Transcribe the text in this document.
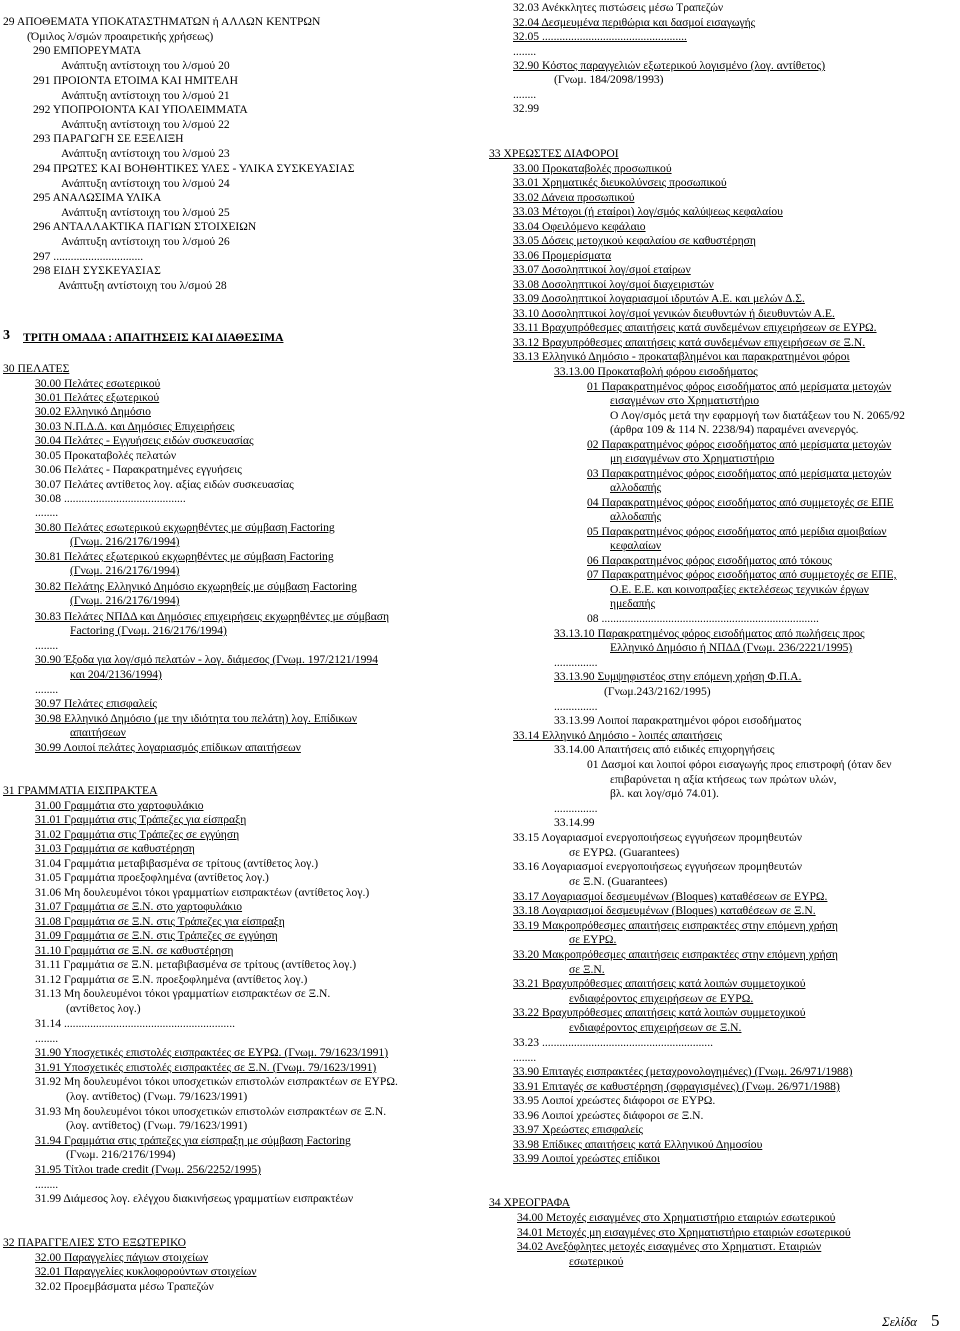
29 ΑΠΟΘΕΜΑΤΑ ΥΠΟΚΑΤΑΣΤΗΜΑΤΩΝ ή ΑΛΛΩΝ ΚΕΝΤΡΩΝ
(Όμιλος λ/σμών προαιρετικής χρήσεως)
290 ΕΜΠΟΡΕΥΜΑΤΑ
Ανάπτυξη αντίστοιχη του λ/σμού 20
291 ΠΡΟΙΟΝΤΑ ΕΤΟΙΜΑ ΚΑΙ ΗΜΙΤΕΛΗ
Ανάπτυξη αντίστοιχη του λ/σμού 21
292 ΥΠΟΠΡΟΙΟΝΤΑ ΚΑΙ ΥΠΟΛΕΙΜΜΑΤΑ
Ανάπτυξη αντίστοιχη του λ/σμού 22
293 ΠΑΡΑΓΩΓΗ ΣΕ ΕΞΕΛΙΞΗ
Ανάπτυξη αντίστοιχη του λ/σμού 23
294 ΠΡΩΤΕΣ ΚΑΙ ΒΟΗΘΗΤΙΚΕΣ ΥΛΕΣ - ΥΛΙΚΑ ΣΥΣΚΕΥΑΣΙΑΣ
Ανάπτυξη αντίστοιχη του λ/σμού 24
295 ΑΝΑΛΩΣΙΜΑ ΥΛΙΚΑ
Ανάπτυξη αντίστοιχη του λ/σμού 25
296 ΑΝΤΑΛΛΑΚΤΙΚΑ ΠΑΓΙΩΝ ΣΤΟΙΧΕΙΩΝ
Ανάπτυξη αντίστοιχη του λ/σμού 26
297 ...............................
298 ΕΙΔΗ ΣΥΣΚΕΥΑΣΙΑΣ
Ανάπτυξη αντίστοιχη του λ/σμού 28
3 ΤΡΙΤΗ ΟΜΑΔΑ : ΑΠΑΙΤΗΣΕΙΣ ΚΑΙ ΔΙΑΘΕΣΙΜΑ
30 ΠΕΛΑΤΕΣ
30.00 Πελάτες εσωτερικού
30.01 Πελάτες εξωτερικού
30.02 Ελληνικό Δημόσιο
30.03 Ν.Π.Δ.Δ. και Δημόσιες Επιχειρήσεις
30.04 Πελάτες - Εγγυήσεις ειδών συσκευασίας
30.05 Προκαταβολές πελατών
30.06 Πελάτες - Παρακρατημένες εγγυήσεις
30.07 Πελάτες αντίθετος λογ. αξίας ειδών συσκευασίας
30.08 ..........................................
........
30.80 Πελάτες εσωτερικού εκχωρηθέντες με σύμβαση Factoring
(Γνωμ. 216/2176/1994)
30.81 Πελάτες εξωτερικού εκχωρηθέντες με σύμβαση Factoring
(Γνωμ. 216/2176/1994)
30.82 Πελάτης Ελληνικό Δημόσιο εκχωρηθείς με σύμβαση Factoring
(Γνωμ. 216/2176/1994)
30.83 Πελάτες ΝΠΔΔ και Δημόσιες επιχειρήσεις εκχωρηθέντες με σύμβαση
Factoring (Γνωμ. 216/2176/1994)
........
30.90 Έξοδα για λογ/σμό πελατών - λογ. διάμεσος (Γνωμ. 197/2121/1994
και 204/2136/1994)
........
30.97 Πελάτες επισφαλείς
30.98 Ελληνικό Δημόσιο (με την ιδιότητα του πελάτη) λογ. Επίδικων
απαιτήσεων
30.99 Λοιποί πελάτες λογαριασμός επίδικων απαιτήσεων
31 ΓΡΑΜΜΑΤΙΑ ΕΙΣΠΡΑΚΤΕΑ
31.00 Γραμμάτια στο χαρτοφυλάκιο
31.01 Γραμμάτια στις Τράπεζες για είσπραξη
31.02 Γραμμάτια στις Τράπεζες σε εγγύηση
31.03 Γραμμάτια σε καθυστέρηση
31.04 Γραμμάτια μεταβιβασμένα σε τρίτους (αντίθετος λογ.)
31.05 Γραμμάτια προεξοφλημένα (αντίθετος λογ.)
31.06 Μη δουλευμένοι τόκοι γραμματίων εισπρακτέων (αντίθετος λογ.)
31.07 Γραμμάτια σε Ξ.Ν. στο χαρτοφυλάκιο
31.08 Γραμμάτια σε Ξ.Ν. στις Τράπεζες για είσπραξη
31.09 Γραμμάτια σε Ξ.Ν. στις Τράπεζες σε εγγύηση
31.10 Γραμμάτια σε Ξ.Ν. σε καθυστέρηση
31.11 Γραμμάτια σε Ξ.Ν. μεταβιβασμένα σε τρίτους (αντίθετος λογ.)
31.12 Γραμμάτια σε Ξ.Ν. προεξοφλημένα (αντίθετος λογ.)
31.13 Μη δουλευμένοι τόκοι γραμματίων εισπρακτέων σε Ξ.Ν.
(αντίθετος λογ.)
31.14 ...........................................................
........
31.90 Υποσχετικές επιστολές εισπρακτέες σε ΕΥΡΩ. (Γνωμ. 79/1623/1991)
31.91 Υποσχετικές επιστολές εισπρακτέες σε Ξ.Ν. (Γνωμ. 79/1623/1991)
31.92 Μη δουλευμένοι τόκοι υποσχετικών επιστολών εισπρακτέων σε ΕΥΡΩ.
(λογ. αντίθετος) (Γνωμ. 79/1623/1991)
31.93 Μη δουλευμένοι τόκοι υποσχετικών επιστολών εισπρακτέων σε Ξ.Ν.
(λογ. αντίθετος) (Γνωμ. 79/1623/1991)
31.94 Γραμμάτια στις τράπεζες για είσπραξη με σύμβαση Factoring
(Γνωμ. 216/2176/1994)
31.95 Τίτλοι trade credit (Γνωμ. 256/2252/1995)
........
31.99 Διάμεσος λογ. ελέγχου διακινήσεως γραμματίων εισπρακτέων
32 ΠΑΡΑΓΓΕΛΙΕΣ ΣΤΟ ΕΞΩΤΕΡΙΚΟ
32.00 Παραγγελίες πάγιων στοιχείων
32.01 Παραγγελίες κυκλοφορούντων στοιχείων
32.02 Προεμβάσματα μέσω Τραπεζών
32.03 Ανέκκλητες πιστώσεις μέσω Τραπεζών
32.04 Δεσμευμένα περιθώρια και δασμοί εισαγωγής
32.05 ..................................................
........
32.90 Κόστος παραγγελιών εξωτερικού λογισμένο (λογ. αντίθετος)
(Γνωμ. 184/2098/1993)
........
32.99
33 ΧΡΕΩΣΤΕΣ ΔΙΑΦΟΡΟΙ
33.00 Προκαταβολές προσωπικού
33.01 Χρηματικές διευκολύνσεις προσωπικού
33.02 Δάνεια προσωπικού
33.03 Μέτοχοι (ή εταίροι) λογ/σμός καλύψεως κεφαλαίου
33.04 Οφειλόμενο κεφάλαιο
33.05 Δόσεις μετοχικού κεφαλαίου σε καθυστέρηση
33.06 Προμερίσματα
33.07 Δοσοληπτικοί λογ/σμοί εταίρων
33.08 Δοσοληπτικοί λογ/σμοί διαχειριστών
33.09 Δοσοληπτικοί λογαριασμοί ιδρυτών Α.Ε. και μελών Δ.Σ.
33.10 Δοσοληπτικοί λογ/σμοί γενικών διευθυντών ή διευθυντών Α.Ε.
33.11 Βραχυπρόθεσμες απαιτήσεις κατά συνδεμένων επιχειρήσεων σε ΕΥΡΩ.
33.12 Βραχυπρόθεσμες απαιτήσεις κατά συνδεμένων επιχειρήσεων σε Ξ.Ν.
33.13 Ελληνικό Δημόσιο - προκαταβλημένοι και παρακρατημένοι φόροι
33.13.00 Προκαταβολή φόρου εισοδήματος
01 Παρακρατημένος φόρος εισοδήματος από μερίσματα μετοχών
εισαγμένων στο Χρηματιστήριο
Ο Λογ/σμός μετά την εφαρμογή των διατάξεων του Ν. 2065/92
(άρθρα 109 & 114 Ν. 2238/94) παραμένει ανενεργός.
02 Παρακρατημένος φόρος εισοδήματος από μερίσματα μετοχών
μη εισαγμένων στο Χρηματιστήριο
03 Παρακρατημένος φόρος εισοδήματος από μερίσματα μετοχών
αλλοδαπής
04 Παρακρατημένος φόρος εισοδήματος από συμμετοχές σε ΕΠΕ
αλλοδαπής
05 Παρακρατημένος φόρος εισοδήματος από μερίδια αμοιβαίων
κεφαλαίων
06 Παρακρατημένος φόρος εισοδήματος από τόκους
07 Παρακρατημένος φόρος εισοδήματος από συμμετοχές σε ΕΠΕ,
Ο.Ε. Ε.Ε. και κοινοπραξίες εκτελέσεως τεχνικών έργων
ημεδαπής
08 ...........................................................................
33.13.10 Παρακρατημένος φόρος εισοδήματος από πωλήσεις προς
Ελληνικό Δημόσιο ή ΝΠΔΔ (Γνωμ. 236/2221/1995)
...............
33.13.90 Συμψηφιστέος στην επόμενη χρήση Φ.Π.Α.
(Γνωμ.243/2162/1995)
...............
33.13.99 Λοιποί παρακρατημένοι φόροι εισοδήματος
33.14 Ελληνικό Δημόσιο - λοιπές απαιτήσεις
33.14.00 Απαιτήσεις από ειδικές επιχορηγήσεις
01 Δασμοί και λοιποί φόροι εισαγωγής προς επιστροφή (όταν δεν
επιβαρύνεται η αξία κτήσεως των πρώτων υλών,
βλ. και λογ/σμό 74.01).
...............
33.14.99
33.15 Λογαριασμοί ενεργοποιήσεως εγγυήσεων προμηθευτών
σε ΕΥΡΩ. (Guarantees)
33.16 Λογαριασμοί ενεργοποιήσεως εγγυήσεων προμηθευτών
σε Ξ.Ν. (Guarantees)
33.17 Λογαριασμοί δεσμευμένων (Bloques) καταθέσεων σε ΕΥΡΩ.
33.18 Λογαριασμοί δεσμευμένων (Bloques) καταθέσεων σε Ξ.Ν.
33.19 Μακροπρόθεσμες απαιτήσεις εισπρακτέες στην επόμενη χρήση
σε ΕΥΡΩ.
33.20 Μακροπρόθεσμες απαιτήσεις εισπρακτέες στην επόμενη χρήση
σε Ξ.Ν.
33.21 Βραχυπρόθεσμες απαιτήσεις κατά λοιπών συμμετοχικού
ενδιαφέροντος επιχειρήσεων σε ΕΥΡΩ.
33.22 Βραχυπρόθεσμες απαιτήσεις κατά λοιπών συμμετοχικού
ενδιαφέροντος επιχειρήσεων σε Ξ.Ν.
33.23 ...........................................................
........
33.90 Επιταγές εισπρακτέες (μεταχρονολογημένες) (Γνωμ. 26/971/1988)
33.91 Επιταγές σε καθυστέρηση (σφραγισμένες) (Γνωμ. 26/971/1988)
33.95 Λοιποί χρεώστες διάφοροι σε ΕΥΡΩ.
33.96 Λοιποί χρεώστες διάφοροι σε Ξ.Ν.
33.97 Χρεώστες επισφαλείς
33.98 Επίδικες απαιτήσεις κατά Ελληνικού Δημοσίου
33.99 Λοιποί χρεώστες επίδικοι
34 ΧΡΕΟΓΡΑΦΑ
34.00 Μετοχές εισαγμένες στο Χρηματιστήριο εταιριών εσωτερικού
34.01 Μετοχές μη εισαγμένες στο Χρηματιστήριο εταιριών εσωτερικού
34.02 Ανεξόφλητες μετοχές εισαγμένες στο Χρηματιστ. Εταιριών
εσωτερικού
Σελίδα 5
